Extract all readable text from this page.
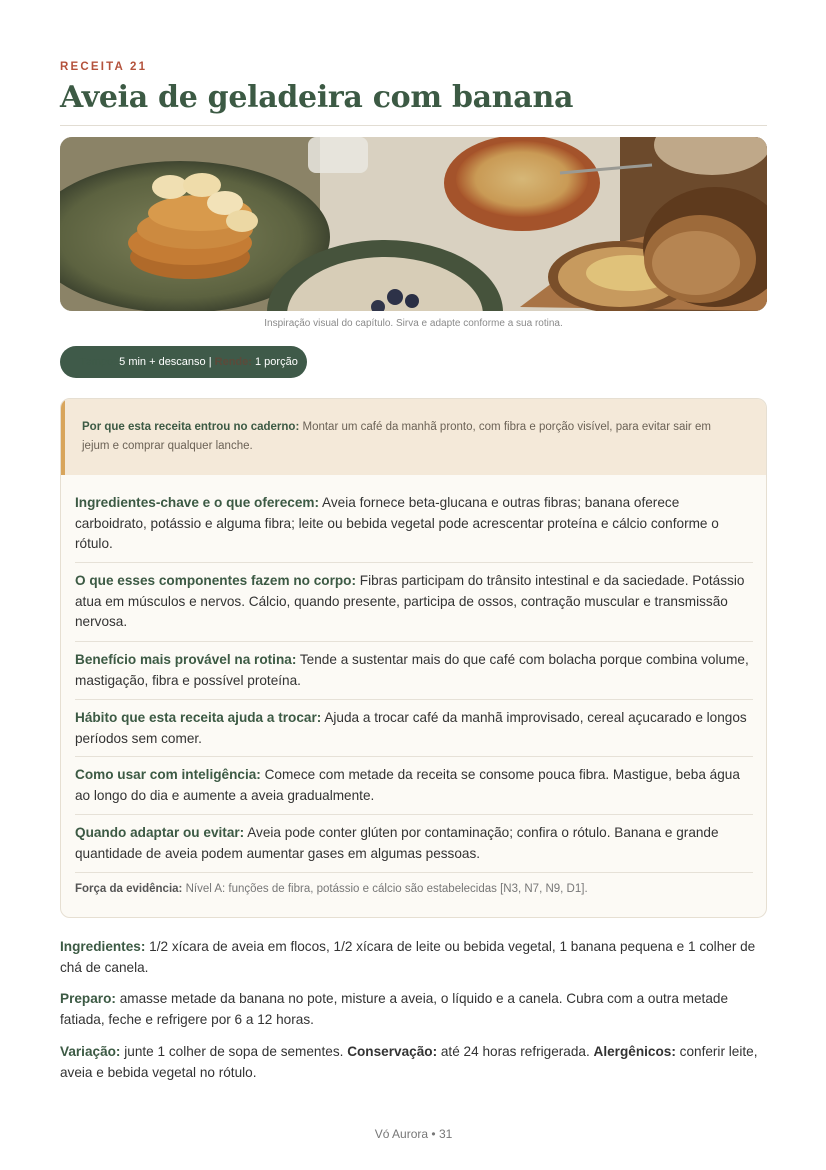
RECEITA 21
Aveia de geladeira com banana
Inspiração visual do capítulo. Sirva e adapte conforme a sua rotina.
Tempo: 5 min + descanso | Rende: 1 porção
Por que esta receita entrou no caderno: Montar um café da manhã pronto, com fibra e porção visível, para evitar sair em jejum e comprar qualquer lanche.
Ingredientes-chave e o que oferecem: Aveia fornece beta-glucana e outras fibras; banana oferece carboidrato, potássio e alguma fibra; leite ou bebida vegetal pode acrescentar proteína e cálcio conforme o rótulo.
O que esses componentes fazem no corpo: Fibras participam do trânsito intestinal e da saciedade. Potássio atua em músculos e nervos. Cálcio, quando presente, participa de ossos, contração muscular e transmissão nervosa.
Benefício mais provável na rotina: Tende a sustentar mais do que café com bolacha porque combina volume, mastigação, fibra e possível proteína.
Hábito que esta receita ajuda a trocar: Ajuda a trocar café da manhã improvisado, cereal açucarado e longos períodos sem comer.
Como usar com inteligência: Comece com metade da receita se consome pouca fibra. Mastigue, beba água ao longo do dia e aumente a aveia gradualmente.
Quando adaptar ou evitar: Aveia pode conter glúten por contaminação; confira o rótulo. Banana e grande quantidade de aveia podem aumentar gases em algumas pessoas.
Força da evidência: Nível A: funções de fibra, potássio e cálcio são estabelecidas [N3, N7, N9, D1].
Ingredientes: 1/2 xícara de aveia em flocos, 1/2 xícara de leite ou bebida vegetal, 1 banana pequena e 1 colher de chá de canela.
Preparo: amasse metade da banana no pote, misture a aveia, o líquido e a canela. Cubra com a outra metade fatiada, feche e refrigere por 6 a 12 horas.
Variação: junte 1 colher de sopa de sementes. Conservação: até 24 horas refrigerada. Alergênicos: conferir leite, aveia e bebida vegetal no rótulo.
Vó Aurora • 31
